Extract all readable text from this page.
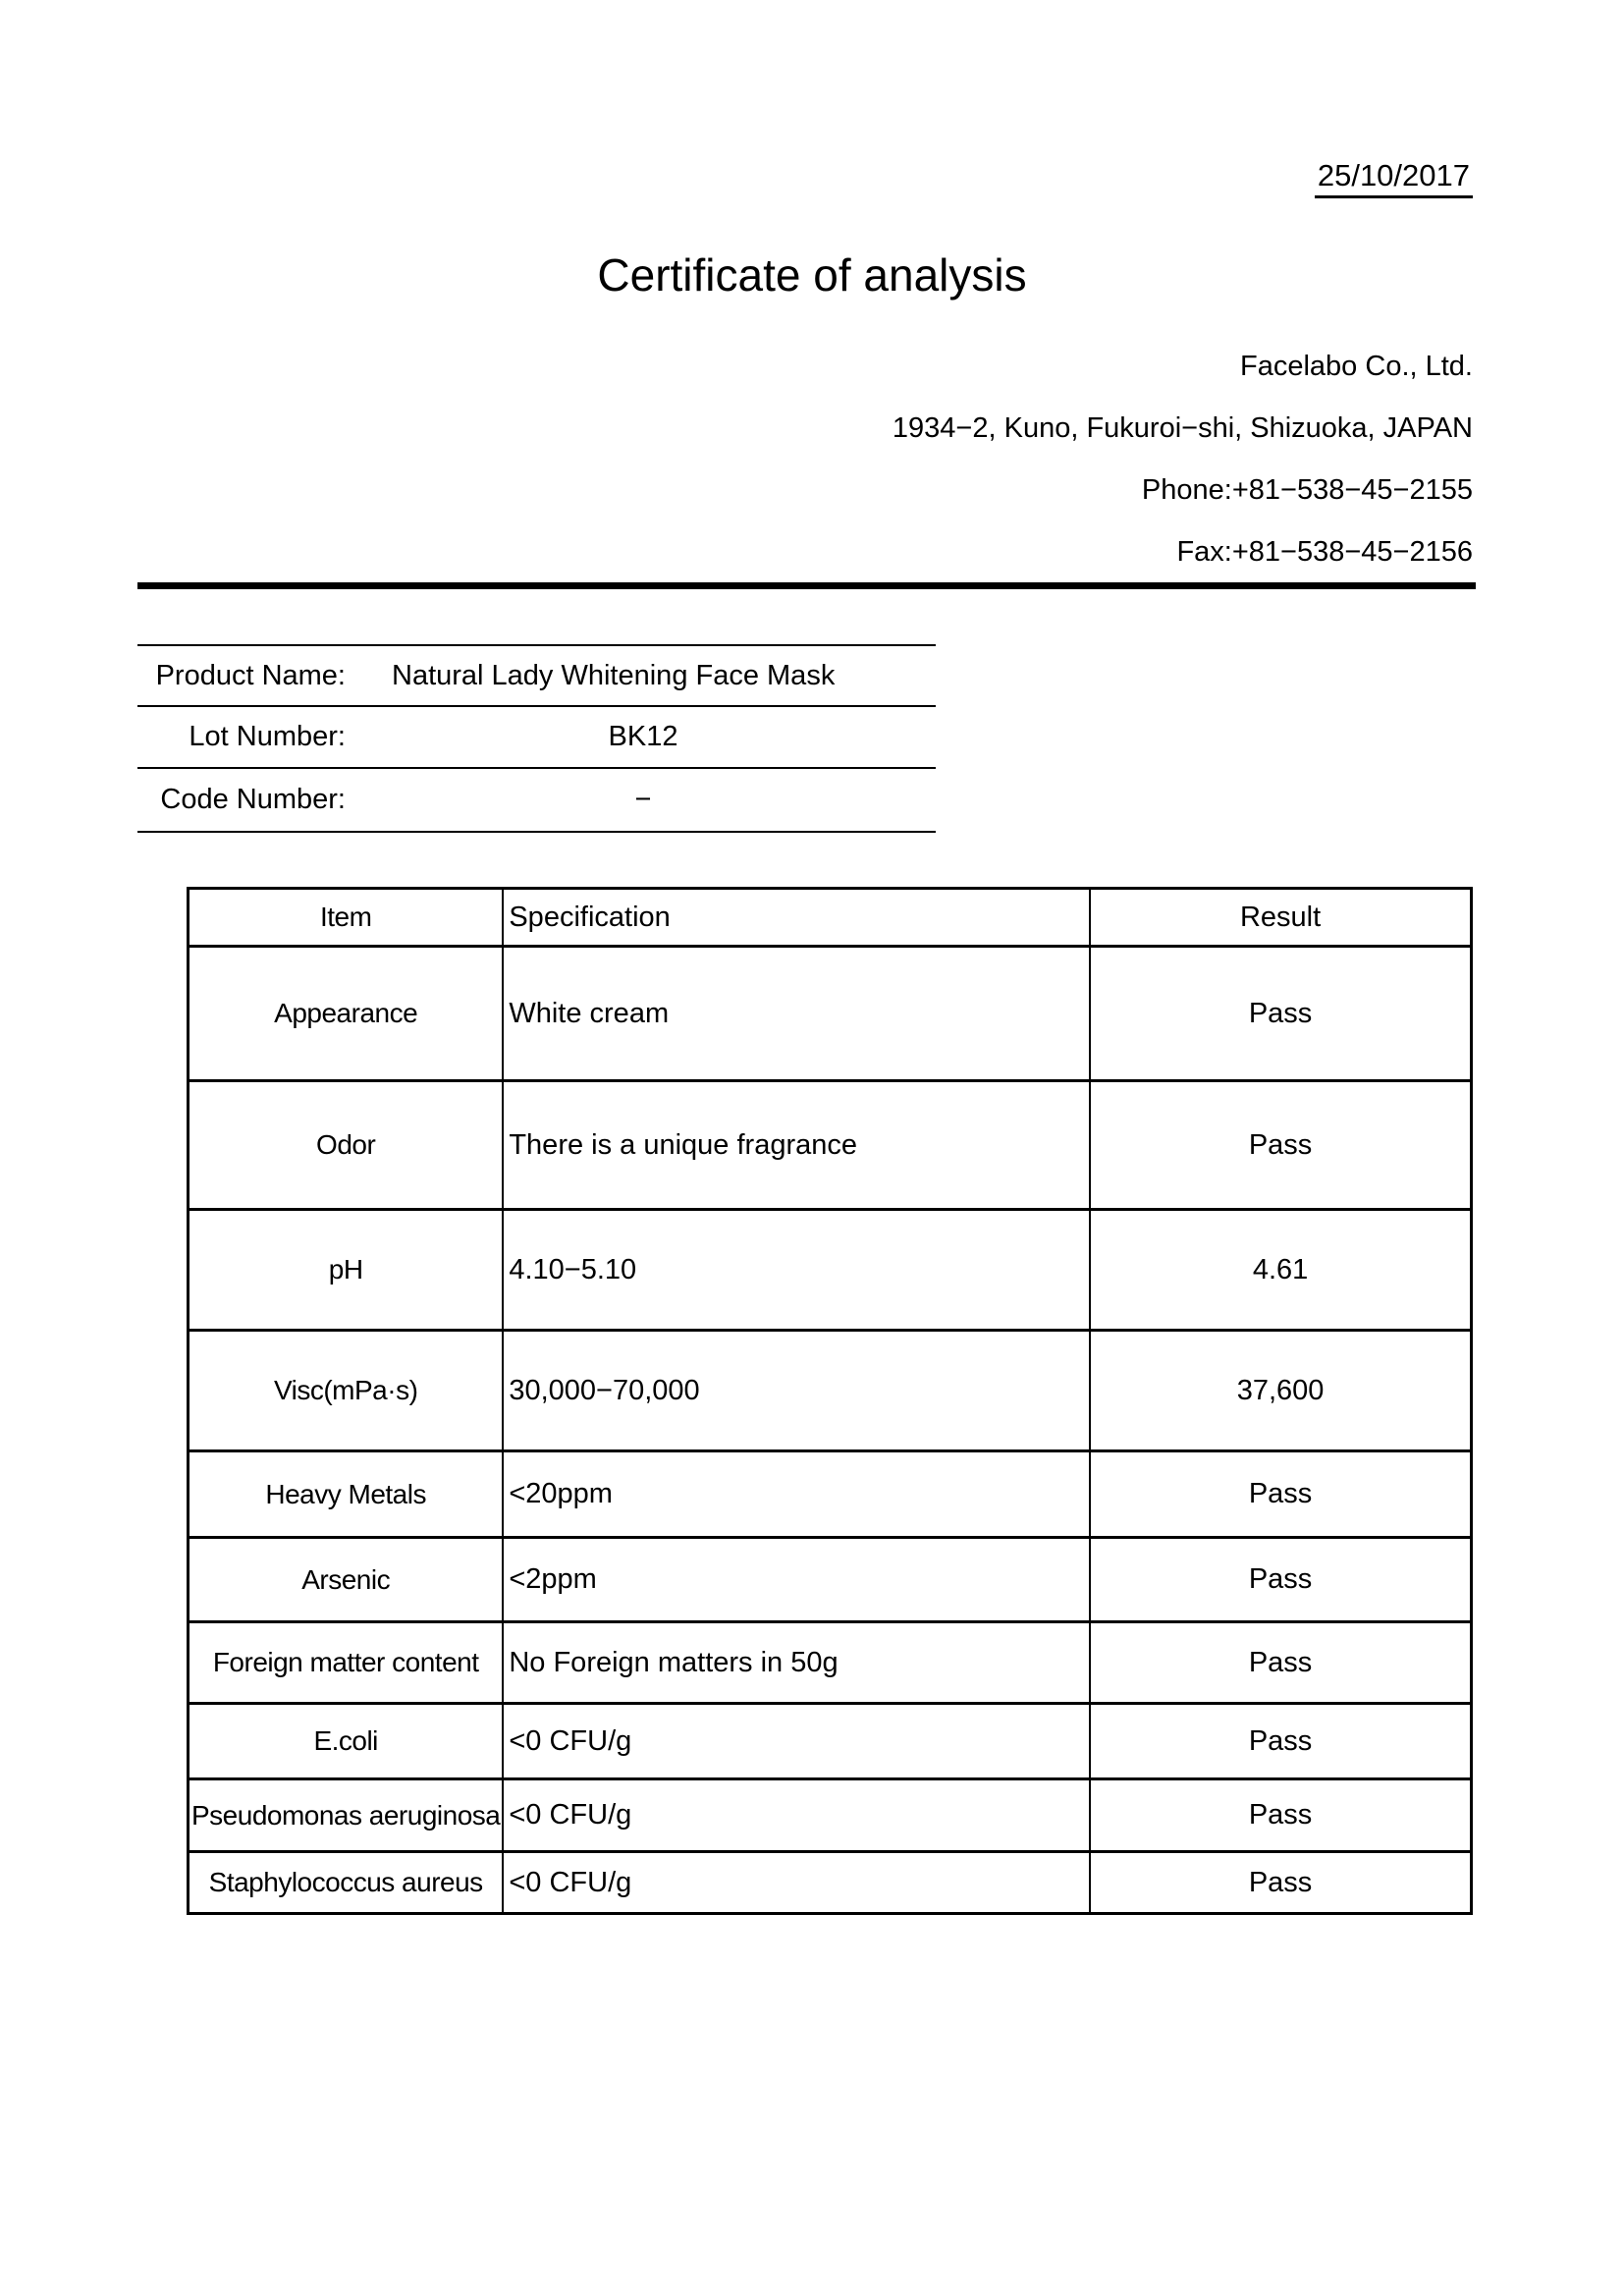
25/10/2017
Certificate of analysis
Facelabo Co., Ltd.
1934−2, Kuno, Fukuroi−shi, Shizuoka, JAPAN
Phone:+81−538−45−2155
Fax:+81−538−45−2156
Product Name:	Natural Lady Whitening Face Mask
Lot Number:	BK12
Code Number:	−
Item	Specification	Result
Appearance	White cream	Pass
Odor	There is a unique fragrance	Pass
pH	4.10−5.10	4.61
Visc(mPa·s)	30,000−70,000	37,600
Heavy Metals	<20ppm	Pass
Arsenic	<2ppm	Pass
Foreign matter content	No Foreign matters in 50g	Pass
E.coli	<0 CFU/g	Pass
Pseudomonas aeruginosa	<0 CFU/g	Pass
Staphylococcus aureus	<0 CFU/g	Pass
